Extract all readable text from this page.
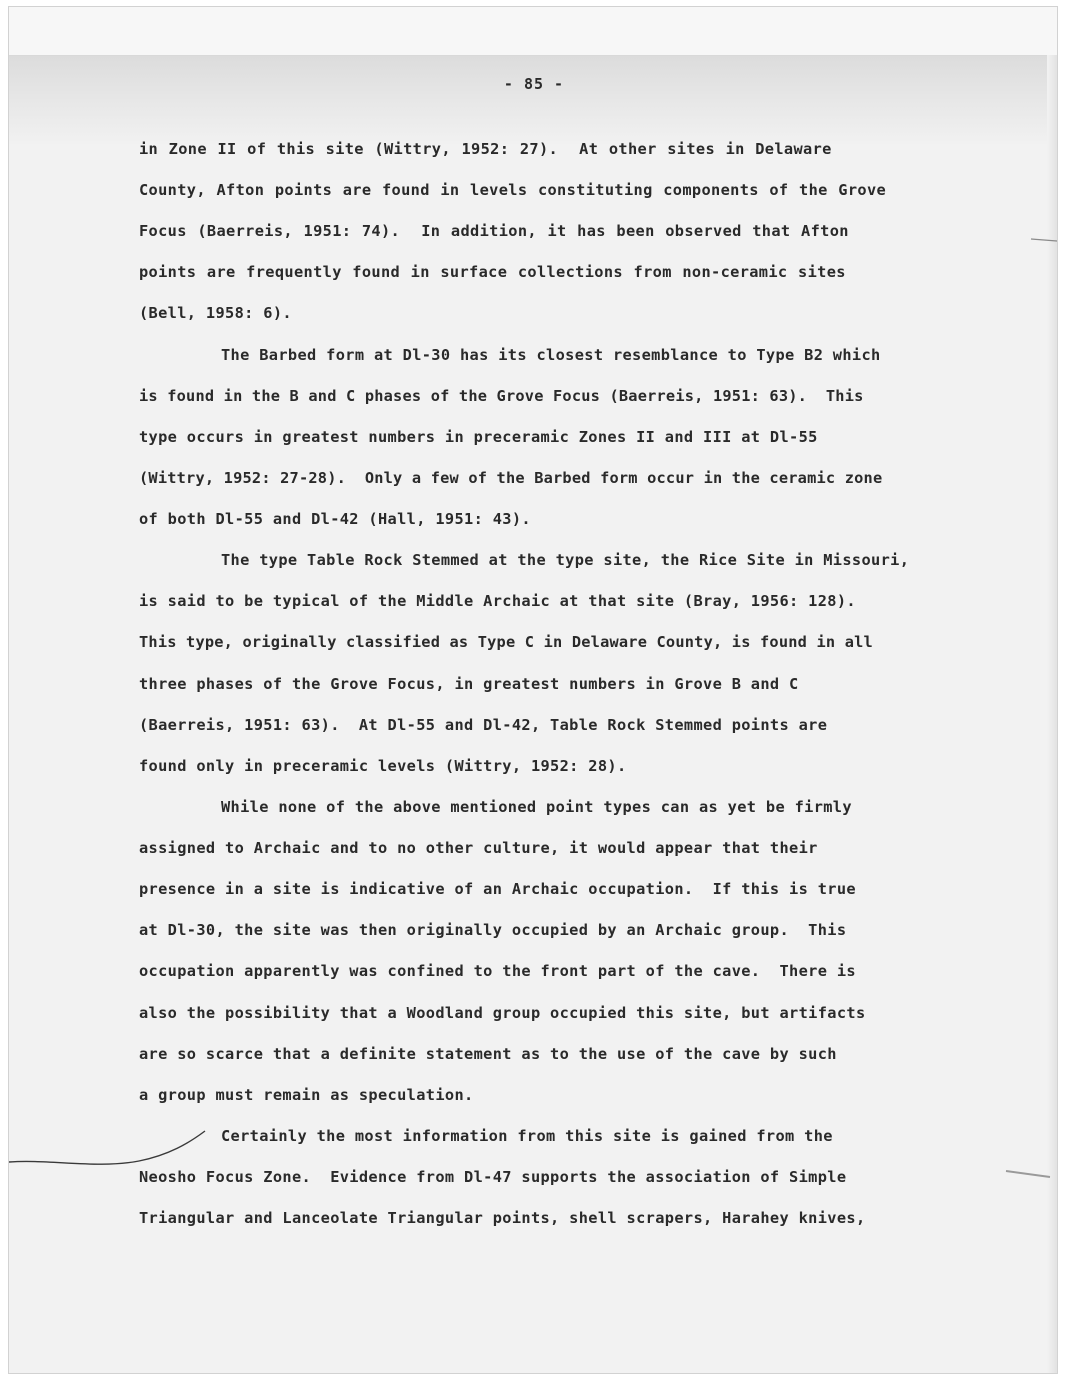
- 85 -
in Zone II of this site (Wittry, 1952: 27).  At other sites in Delaware
County, Afton points are found in levels constituting components of the Grove
Focus (Baerreis, 1951: 74).  In addition, it has been observed that Afton
points are frequently found in surface collections from non-ceramic sites
(Bell, 1958: 6).
The Barbed form at Dl-30 has its closest resemblance to Type B2 which
is found in the B and C phases of the Grove Focus (Baerreis, 1951: 63).  This
type occurs in greatest numbers in preceramic Zones II and III at Dl-55
(Wittry, 1952: 27-28).  Only a few of the Barbed form occur in the ceramic zone
of both Dl-55 and Dl-42 (Hall, 1951: 43).
The type Table Rock Stemmed at the type site, the Rice Site in Missouri,
is said to be typical of the Middle Archaic at that site (Bray, 1956: 128).
This type, originally classified as Type C in Delaware County, is found in all
three phases of the Grove Focus, in greatest numbers in Grove B and C
(Baerreis, 1951: 63).  At Dl-55 and Dl-42, Table Rock Stemmed points are
found only in preceramic levels (Wittry, 1952: 28).
While none of the above mentioned point types can as yet be firmly
assigned to Archaic and to no other culture, it would appear that their
presence in a site is indicative of an Archaic occupation.  If this is true
at Dl-30, the site was then originally occupied by an Archaic group.  This
occupation apparently was confined to the front part of the cave.  There is
also the possibility that a Woodland group occupied this site, but artifacts
are so scarce that a definite statement as to the use of the cave by such
a group must remain as speculation.
Certainly the most information from this site is gained from the
Neosho Focus Zone.  Evidence from Dl-47 supports the association of Simple
Triangular and Lanceolate Triangular points, shell scrapers, Harahey knives,
